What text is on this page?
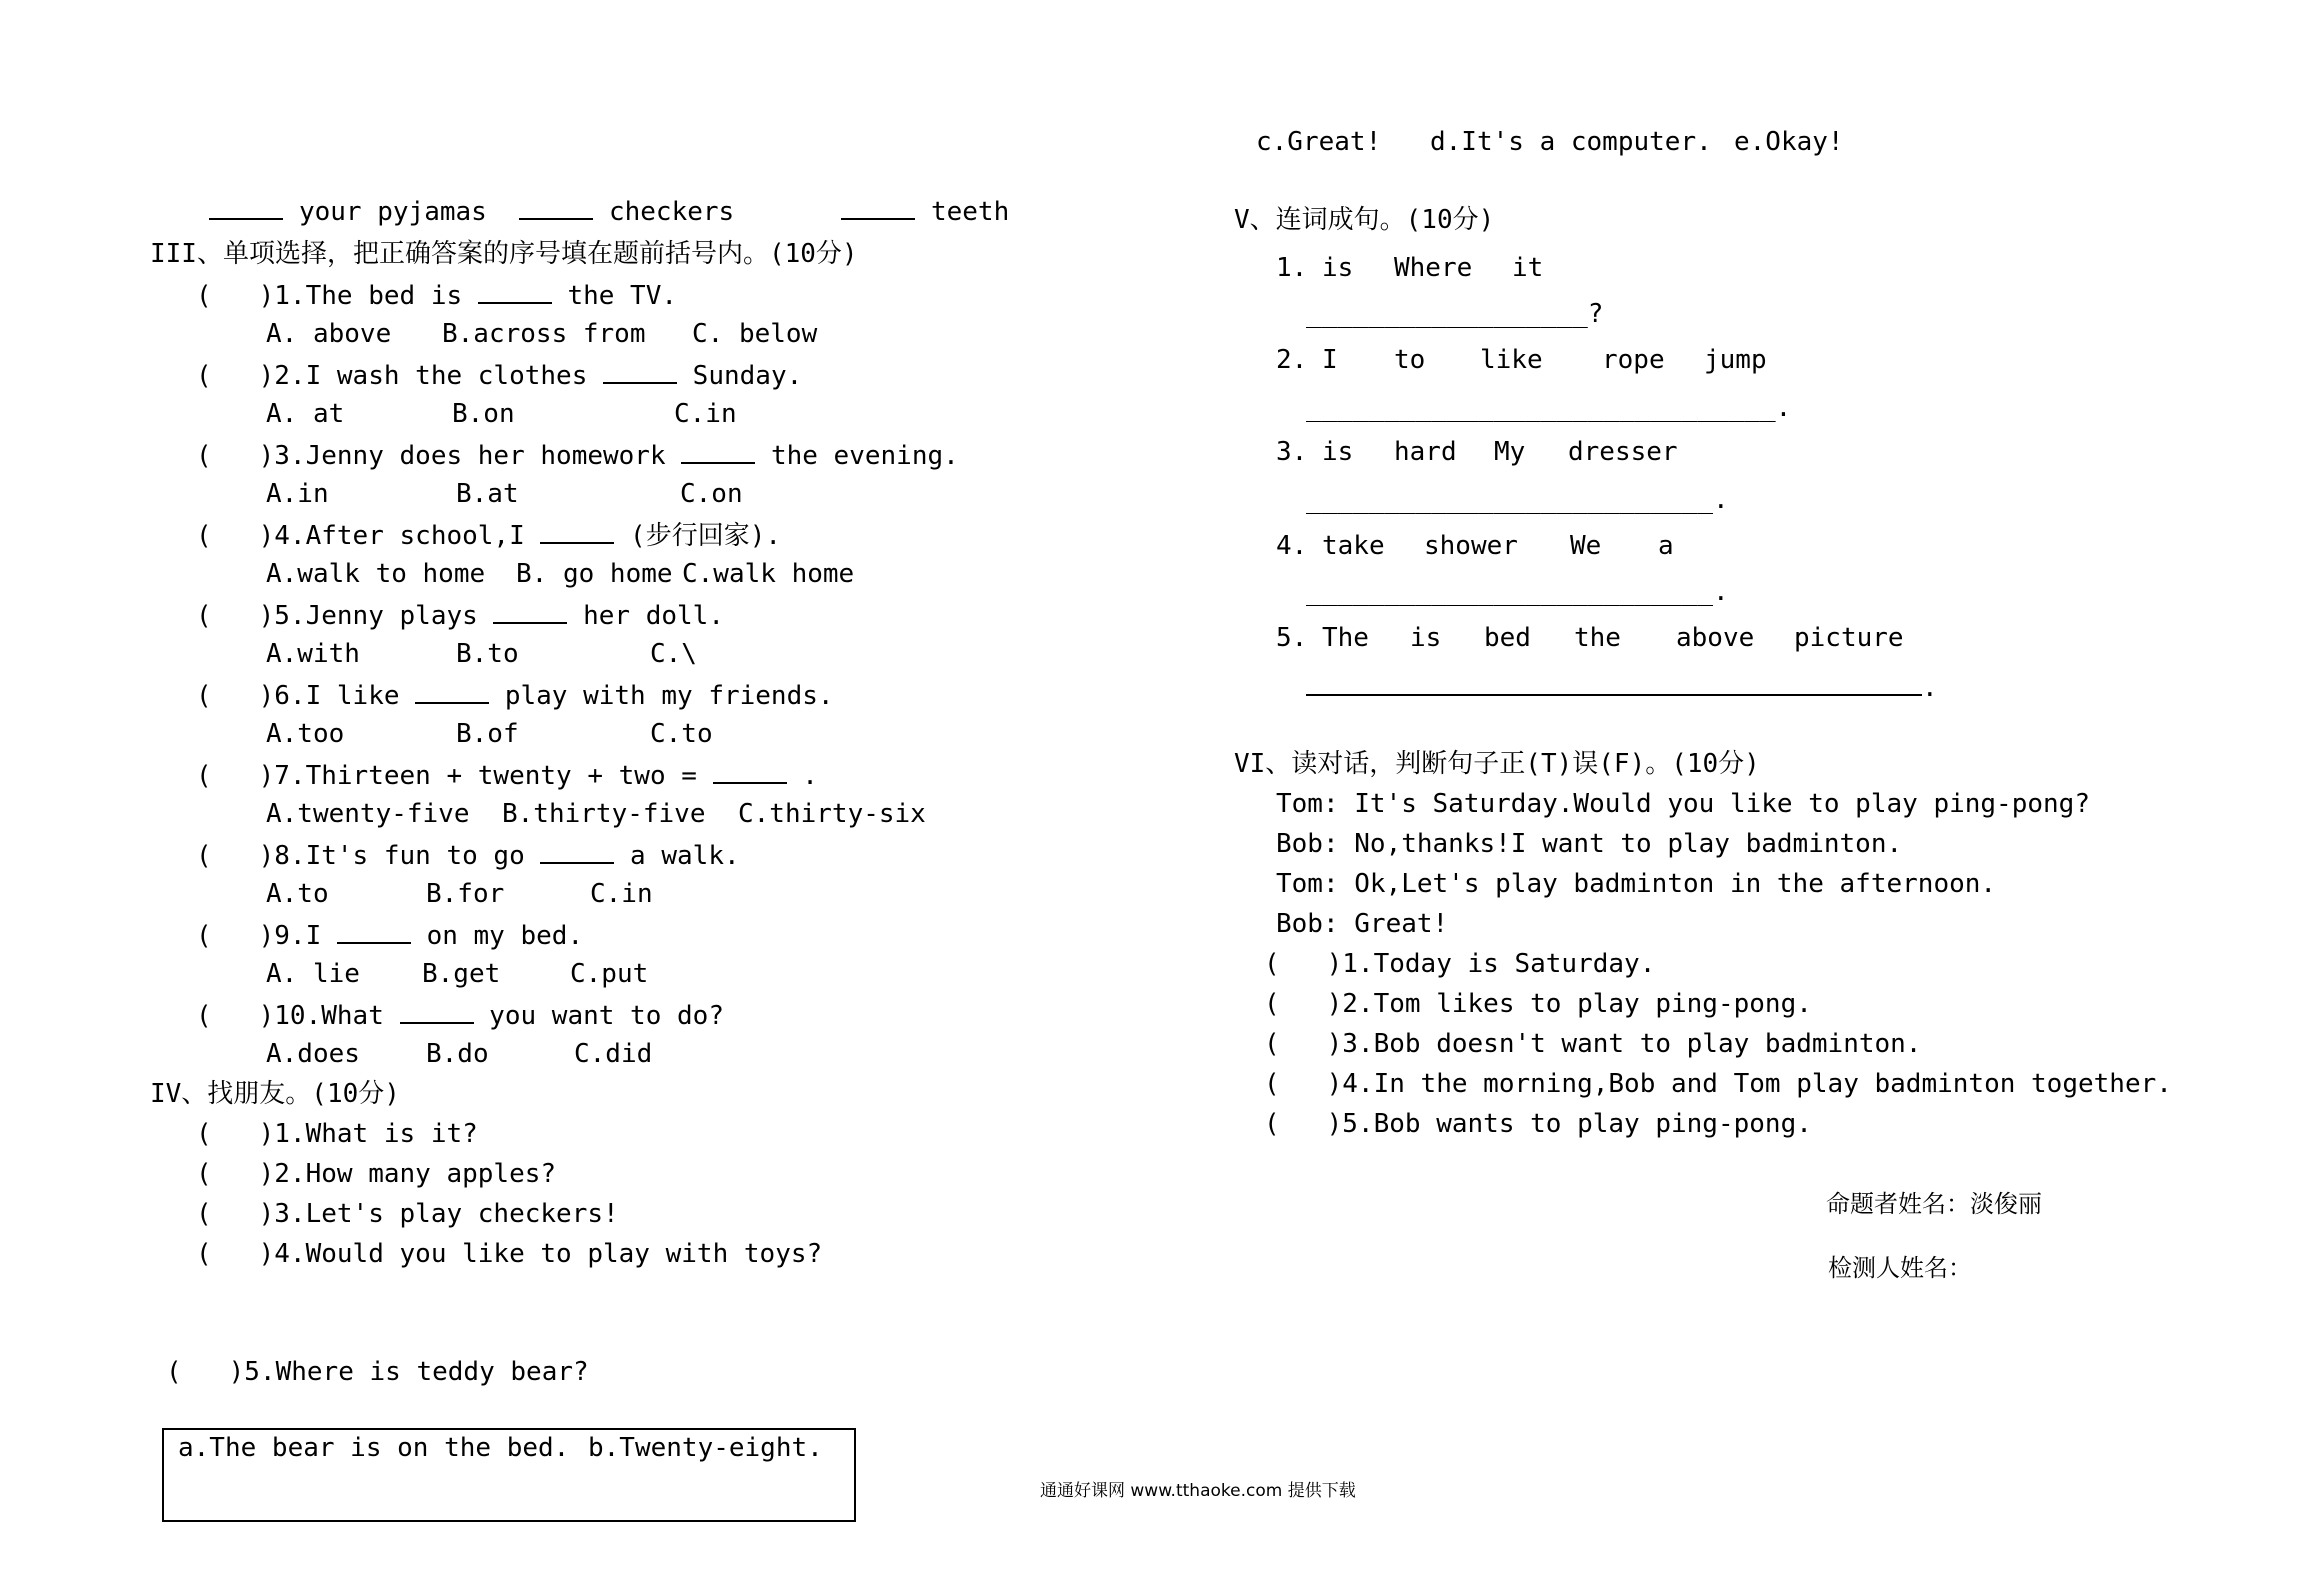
your pyjamas	checkers	teeth

III、单项选择，把正确答案的序号填在题前括号内。(10分)
(   )1.The bed is	the TV.
A. above B.across from C. below
(   )2.I wash the clothes	Sunday.
A. at	B.on	C.in
(   )3.Jenny does her homework	the evening.
A.in	B.at	C.on
(   )4.After school,I	(步行回家).
A.walk to home B. go home C.walk home
(   )5.Jenny plays	her doll.
A.with	B.to	C.\
(   )6.I like	play with my friends.
A.too	B.of	C.to
(   )7.Thirteen + twenty + two =	.
A.twenty-five B.thirty-five C.thirty-six
(   )8.It's fun to go	a walk.
A.to	B.for	C.in
(   )9.I	on my bed.
A. lie B.get	C.put
(   )10.What	you want to do?
A.does	B.do	C.did
IV、找朋友。(10分)
(   )1.What is it?
(   )2.How many apples?
(   )3.Let's play checkers!
(   )4.Would you like to play with toys?
(   )5.Where is teddy bear?
a.The bear is on the bed. b.Twenty-eight.
c.Great! d.It's a computer. e.Okay!
V、连词成句。(10分)
1. is Where it
__________________?
2. I to like rope jump
______________________________.
3. is hard My dresser
__________________________.
4. take shower We a
__________________________.
5. The is bed the above picture
.
VI、读对话，判断句子正(T)误(F)。(10分)
Tom: It's Saturday.Would you like to play ping-pong?
Bob: No,thanks!I want to play badminton.
Tom: Ok,Let's play badminton in the afternoon.
Bob: Great!
(   )1.Today is Saturday.
(   )2.Tom likes to play ping-pong.
(   )3.Bob doesn't want to play badminton.
(   )4.In the morning,Bob and Tom play badminton together.
(   )5.Bob wants to play ping-pong.
命题者姓名：淡俊丽
检测人姓名：
通通好课网 www.tthaoke.com 提供下载
